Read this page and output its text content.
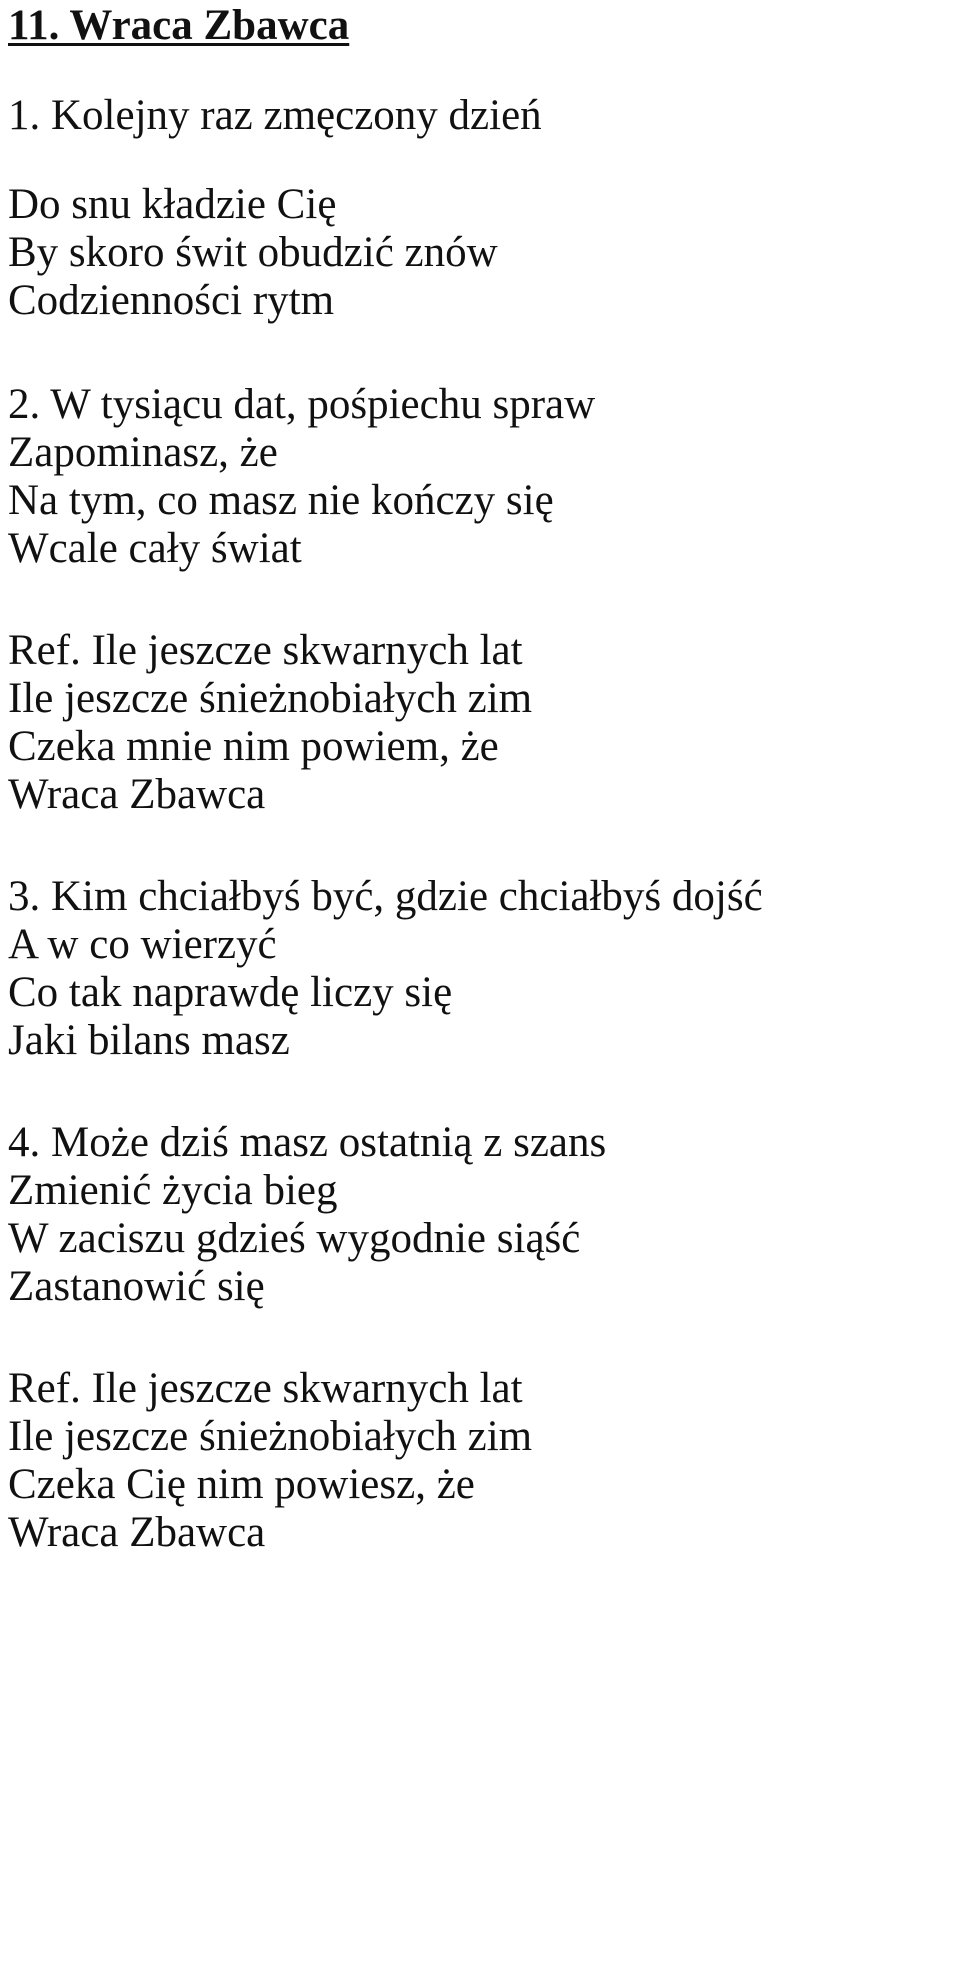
11. Wraca Zbawca
1. Kolejny raz zmęczony dzień
Do snu kładzie Cię
By skoro świt obudzić znów
Codzienności rytm
2. W tysiącu dat, pośpiechu spraw
Zapominasz, że
Na tym, co masz nie kończy się
Wcale cały świat
Ref. Ile jeszcze skwarnych lat
Ile jeszcze śnieżnobiałych zim
Czeka mnie nim powiem, że
Wraca Zbawca
3. Kim chciałbyś być, gdzie chciałbyś dojść
A w co wierzyć
Co tak naprawdę liczy się
Jaki bilans masz
4. Może dziś masz ostatnią z szans
Zmienić życia bieg
W zaciszu gdzieś wygodnie siąść
Zastanowić się
Ref. Ile jeszcze skwarnych lat
Ile jeszcze śnieżnobiałych zim
Czeka Cię nim powiesz, że
Wraca Zbawca
